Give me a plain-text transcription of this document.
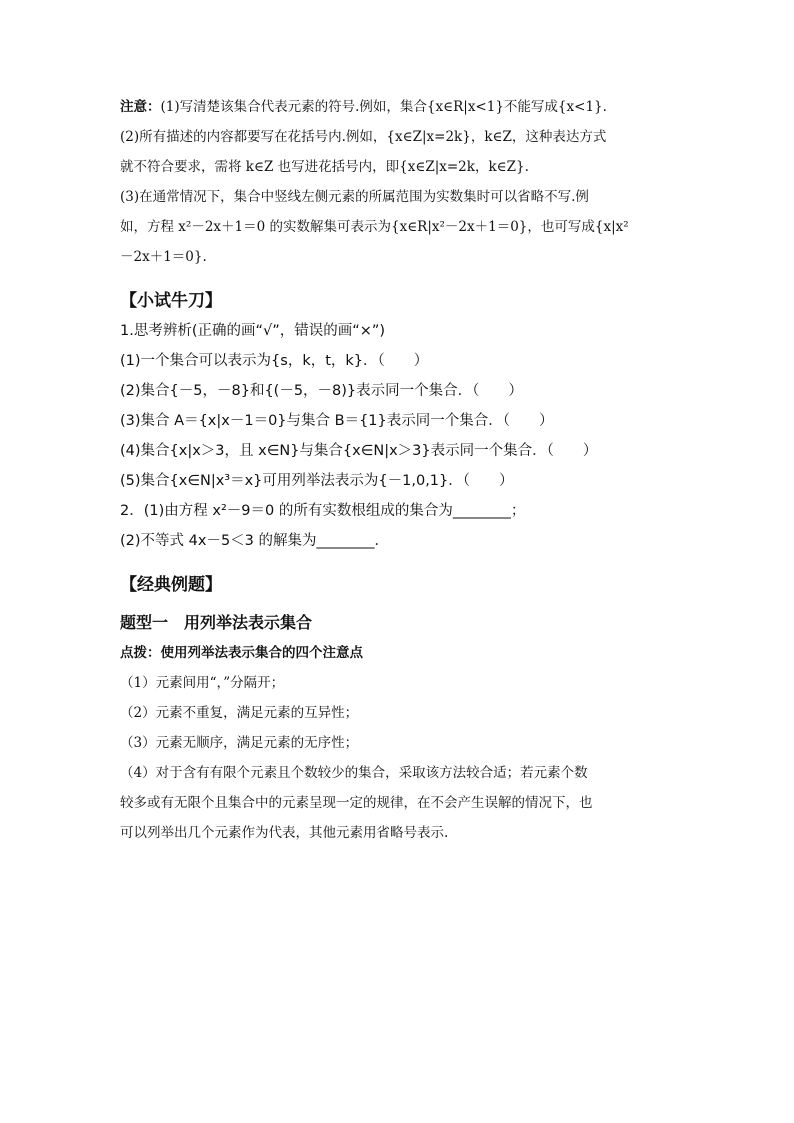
注意：(1)写清楚该集合代表元素的符号.例如，集合{x∈R|x<1}不能写成{x<1}.

(2)所有描述的内容都要写在花括号内.例如，{x∈Z|x=2k}，k∈Z，这种表达方式

就不符合要求，需将 k∈Z 也写进花括号内，即{x∈Z|x=2k，k∈Z}.

(3)在通常情况下，集合中竖线左侧元素的所属范围为实数集时可以省略不写.例

如，方程 x²－2x＋1＝0 的实数解集可表示为{x∈R|x²－2x＋1＝0}，也可写成{x|x²

－2x＋1＝0}.

【小试牛刀】

1.思考辨析(正确的画“√”，错误的画“×”)

(1)一个集合可以表示为{s，k，t，k}．（　　）

(2)集合{－5，－8}和{(－5，－8)}表示同一个集合．（　　）

(3)集合 A＝{x|x－1＝0}与集合 B＝{1}表示同一个集合．（　　）

(4)集合{x|x＞3，且 x∈N}与集合{x∈N|x＞3}表示同一个集合．（　　）

(5)集合{x∈N|x³＝x}可用列举法表示为{－1,0,1}．（　　）

2．(1)由方程 x²－9＝0 的所有实数根组成的集合为________；

(2)不等式 4x－5＜3 的解集为________．

【经典例题】

题型一　用列举法表示集合

点拨：使用列举法表示集合的四个注意点

（1）元素间用“，”分隔开；

（2）元素不重复，满足元素的互异性；

（3）元素无顺序，满足元素的无序性；

（4）对于含有有限个元素且个数较少的集合，采取该方法较合适；若元素个数

较多或有无限个且集合中的元素呈现一定的规律，在不会产生误解的情况下，也

可以列举出几个元素作为代表，其他元素用省略号表示.
